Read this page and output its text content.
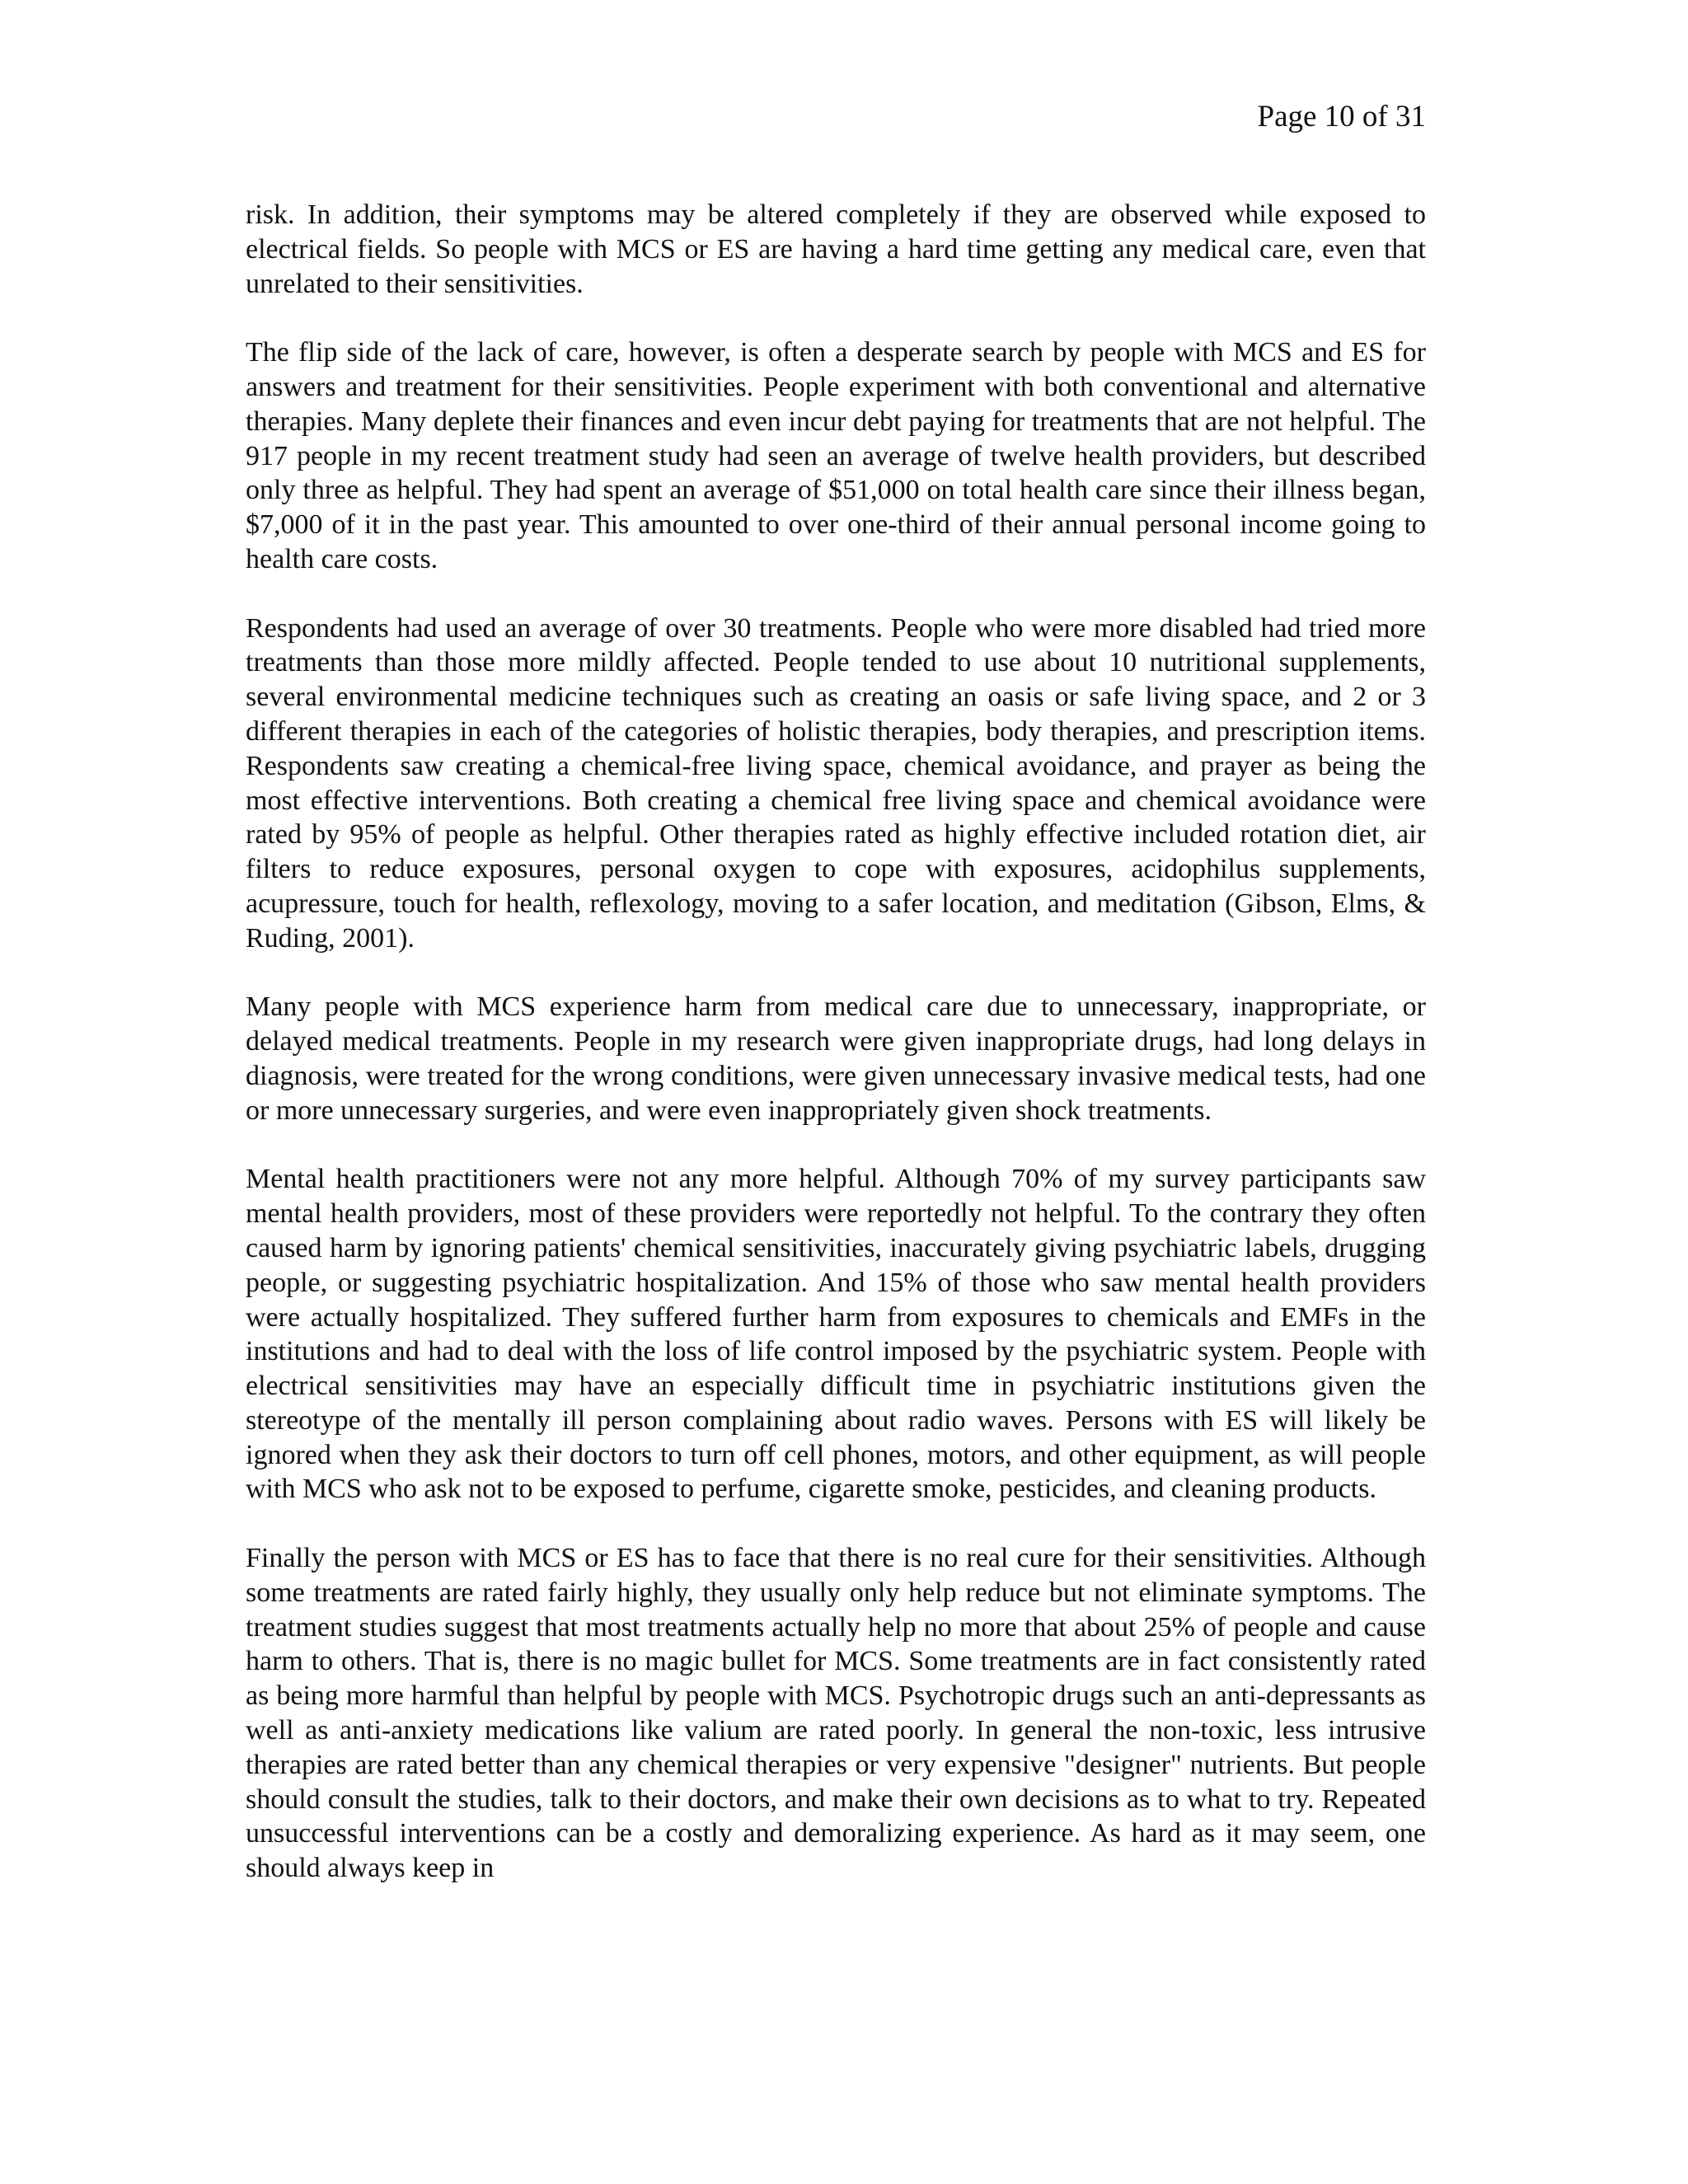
Page 10 of 31

risk. In addition, their symptoms may be altered completely if they are observed while exposed to electrical fields. So people with MCS or ES are having a hard time getting any medical care, even that unrelated to their sensitivities.

The flip side of the lack of care, however, is often a desperate search by people with MCS and ES for answers and treatment for their sensitivities. People experiment with both conventional and alternative therapies. Many deplete their finances and even incur debt paying for treatments that are not helpful. The 917 people in my recent treatment study had seen an average of twelve health providers, but described only three as helpful. They had spent an average of $51,000 on total health care since their illness began, $7,000 of it in the past year. This amounted to over one-third of their annual personal income going to health care costs.

Respondents had used an average of over 30 treatments. People who were more disabled had tried more treatments than those more mildly affected. People tended to use about 10 nutritional supplements, several environmental medicine techniques such as creating an oasis or safe living space, and 2 or 3 different therapies in each of the categories of holistic therapies, body therapies, and prescription items. Respondents saw creating a chemical-free living space, chemical avoidance, and prayer as being the most effective interventions. Both creating a chemical free living space and chemical avoidance were rated by 95% of people as helpful. Other therapies rated as highly effective included rotation diet, air filters to reduce exposures, personal oxygen to cope with exposures, acidophilus supplements, acupressure, touch for health, reflexology, moving to a safer location, and meditation (Gibson, Elms, & Ruding, 2001).

Many people with MCS experience harm from medical care due to unnecessary, inappropriate, or delayed medical treatments. People in my research were given inappropriate drugs, had long delays in diagnosis, were treated for the wrong conditions, were given unnecessary invasive medical tests, had one or more unnecessary surgeries, and were even inappropriately given shock treatments.

Mental health practitioners were not any more helpful. Although 70% of my survey participants saw mental health providers, most of these providers were reportedly not helpful. To the contrary they often caused harm by ignoring patients' chemical sensitivities, inaccurately giving psychiatric labels, drugging people, or suggesting psychiatric hospitalization. And 15% of those who saw mental health providers were actually hospitalized. They suffered further harm from exposures to chemicals and EMFs in the institutions and had to deal with the loss of life control imposed by the psychiatric system. People with electrical sensitivities may have an especially difficult time in psychiatric institutions given the stereotype of the mentally ill person complaining about radio waves. Persons with ES will likely be ignored when they ask their doctors to turn off cell phones, motors, and other equipment, as will people with MCS who ask not to be exposed to perfume, cigarette smoke, pesticides, and cleaning products.

Finally the person with MCS or ES has to face that there is no real cure for their sensitivities. Although some treatments are rated fairly highly, they usually only help reduce but not eliminate symptoms. The treatment studies suggest that most treatments actually help no more that about 25% of people and cause harm to others. That is, there is no magic bullet for MCS. Some treatments are in fact consistently rated as being more harmful than helpful by people with MCS. Psychotropic drugs such an anti-depressants as well as anti-anxiety medications like valium are rated poorly. In general the non-toxic, less intrusive therapies are rated better than any chemical therapies or very expensive "designer" nutrients. But people should consult the studies, talk to their doctors, and make their own decisions as to what to try. Repeated unsuccessful interventions can be a costly and demoralizing experience. As hard as it may seem, one should always keep in
